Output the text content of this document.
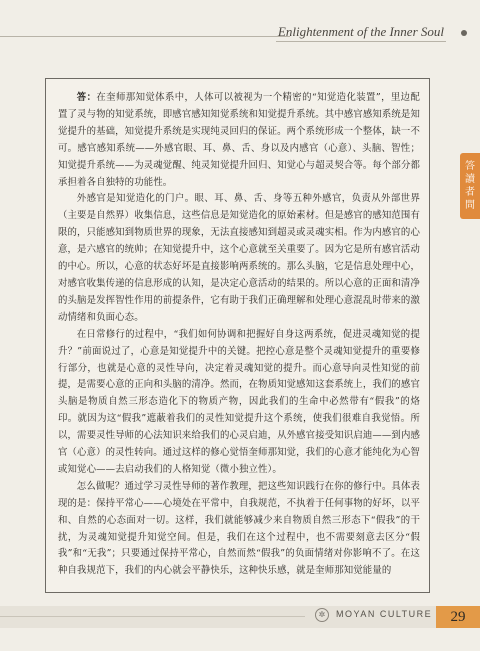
Enlightenment of the Inner Soul
答
讀
者
問

答：在奎师那知觉体系中，人体可以被视为一个精密的“知觉造化装置”，里边配置了灵与物的知觉系统，即感官感知知觉系统和知觉提升系统。其中感官感知系统是知觉提升的基础，知觉提升系统是实现纯灵回归的保证。两个系统形成一个整体，缺一不可。感官感知系统——外感官眼、耳、鼻、舌、身以及内感官（心意）、头脑、智性；知觉提升系统——为灵魂觉醒、纯灵知觉提升回归、知觉心与超灵契合等。每个部分都承担着各自独特的功能性。

外感官是知觉造化的门户。眼、耳、鼻、舌、身等五种外感官，负责从外部世界（主要是自然界）收集信息，这些信息是知觉造化的原始素材。但是感官的感知范围有限的，只能感知到物质世界的现象，无法直接感知到超灵或灵魂实相。作为内感官的心意，是六感官的统帅；在知觉提升中，这个心意就至关重要了。因为它是所有感官活动的中心。所以，心意的状态好坏是直接影响两系统的。那么头脑，它是信息处理中心，对感官收集传递的信息形成的认知，是决定心意活动的结果的。所以心意的正面和清净的头脑是发挥智性作用的前提条件，它有助于我们正确理解和处理心意混乱时带来的激动情绪和负面心态。

在日常修行的过程中，“我们如何协调和把握好自身这两系统，促进灵魂知觉的提升？”前面说过了，心意是知觉提升中的关键。把控心意是整个灵魂知觉提升的重要修行部分，也就是心意的灵性导向，决定着灵魂知觉的提升。而心意导向灵性知觉的前提，是需要心意的正向和头脑的清净。然而，在物质知觉感知这套系统上，我们的感官头脑是物质自然三形态造化下的物质产物，因此我们的生命中必然带有“假我”的烙印。就因为这“假我”遮蔽着我们的灵性知觉提升这个系统，使我们很难自我觉悟。所以，需要灵性导师的心法知识来给我们的心灵启迪，从外感官接受知识启迪——到内感官（心意）的灵性转向。通过这样的修心觉悟奎师那知觉，我们的心意才能纯化为心智或知觉心——去启动我们的人格知觉（微小独立性）。

怎么做呢？通过学习灵性导师的著作教理，把这些知识践行在你的修行中。具体表现的是：保持平常心——心境处在平常中，自我规范，不执着于任何事物的好坏，以平和、自然的心态面对一切。这样，我们就能够减少来自物质自然三形态下“假我”的干扰，为灵魂知觉提升知觉空间。但是，我们在这个过程中，也不需要刻意去区分“假我”和“无我”；只要通过保持平常心，自然而然“假我”的负面情绪对你影响不了。在这种自我规范下，我们的内心就会平静快乐，这种快乐感，就是奎师那知觉能量的

✲	MOYAN CULTURE	29
